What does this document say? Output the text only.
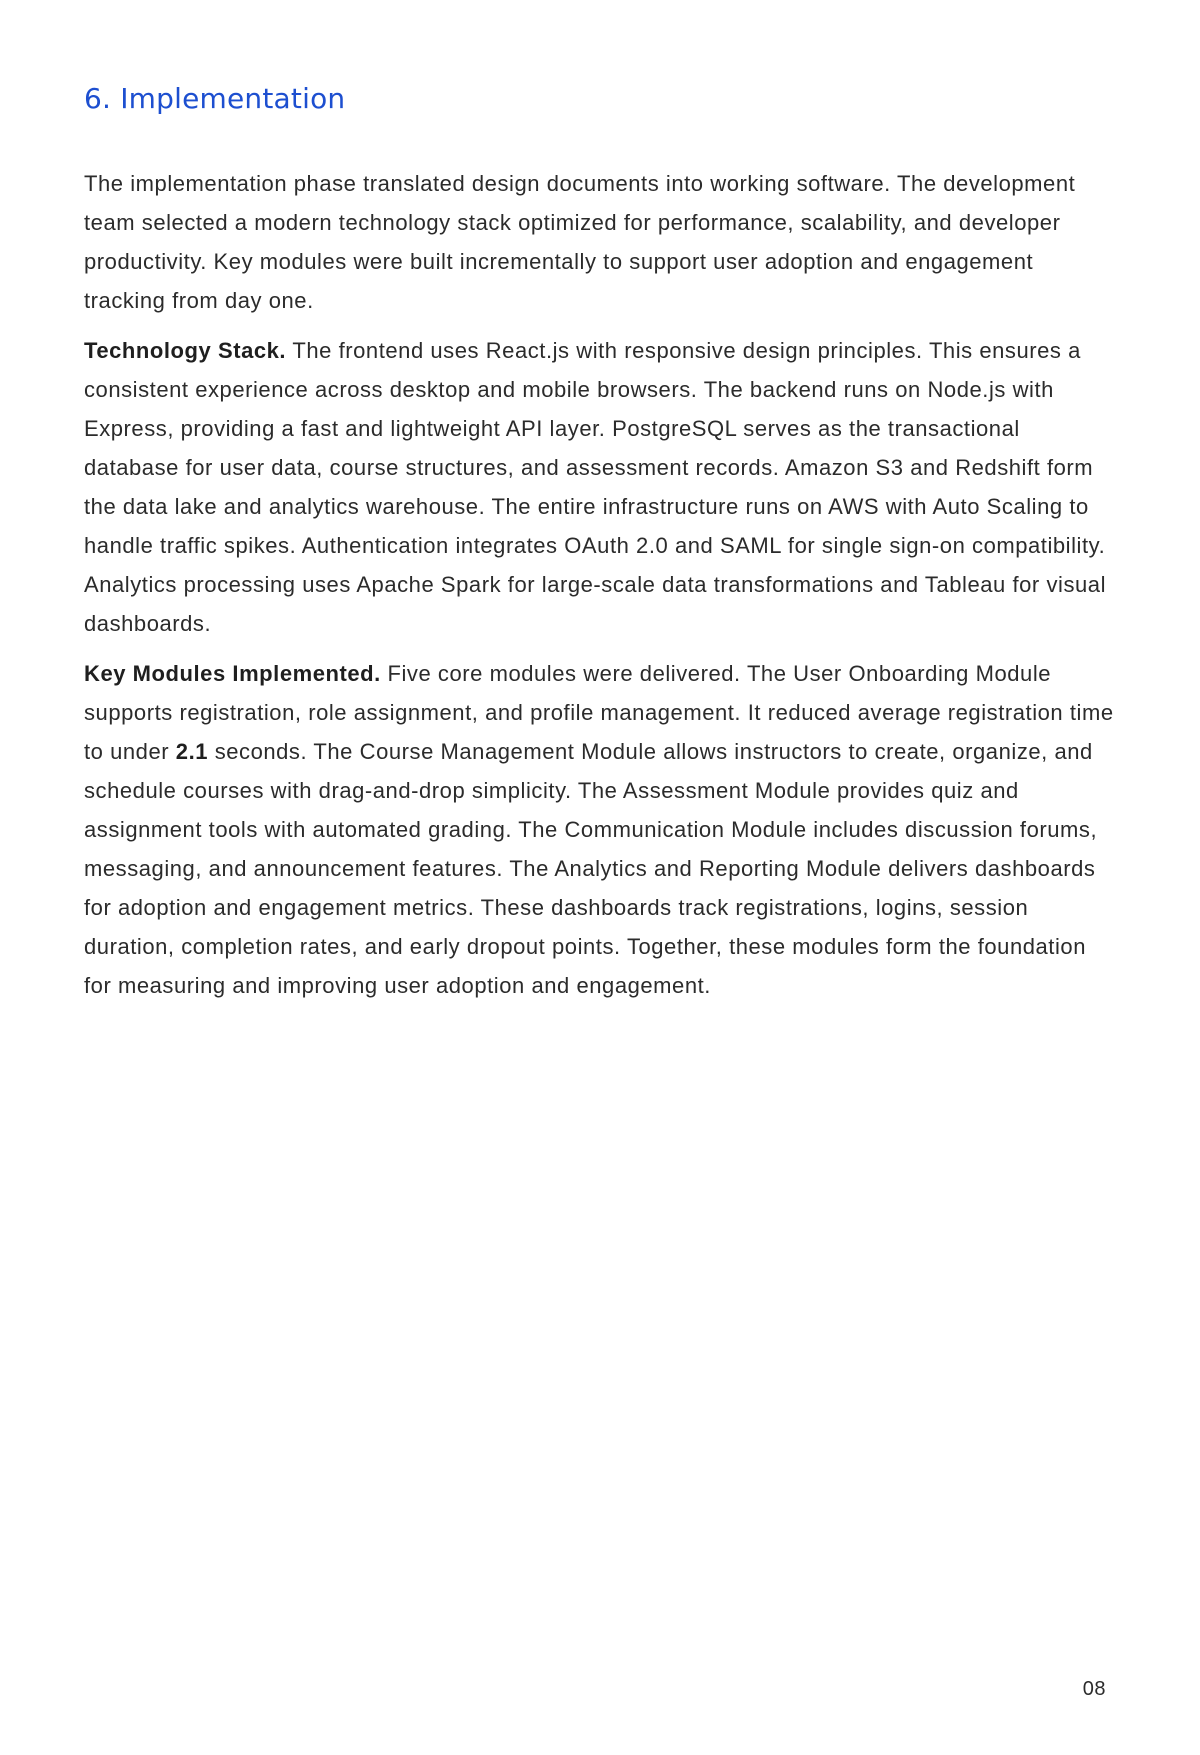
6. Implementation

The implementation phase translated design documents into working software. The development team selected a modern technology stack optimized for performance, scalability, and developer productivity. Key modules were built incrementally to support user adoption and engagement tracking from day one.

Technology Stack. The frontend uses React.js with responsive design principles. This ensures a consistent experience across desktop and mobile browsers. The backend runs on Node.js with Express, providing a fast and lightweight API layer. PostgreSQL serves as the transactional database for user data, course structures, and assessment records. Amazon S3 and Redshift form the data lake and analytics warehouse. The entire infrastructure runs on AWS with Auto Scaling to handle traffic spikes. Authentication integrates OAuth 2.0 and SAML for single sign-on compatibility. Analytics processing uses Apache Spark for large-scale data transformations and Tableau for visual dashboards.

Key Modules Implemented. Five core modules were delivered. The User Onboarding Module supports registration, role assignment, and profile management. It reduced average registration time to under 2.1 seconds. The Course Management Module allows instructors to create, organize, and schedule courses with drag-and-drop simplicity. The Assessment Module provides quiz and assignment tools with automated grading. The Communication Module includes discussion forums, messaging, and announcement features. The Analytics and Reporting Module delivers dashboards for adoption and engagement metrics. These dashboards track registrations, logins, session duration, completion rates, and early dropout points. Together, these modules form the foundation for measuring and improving user adoption and engagement.

08
